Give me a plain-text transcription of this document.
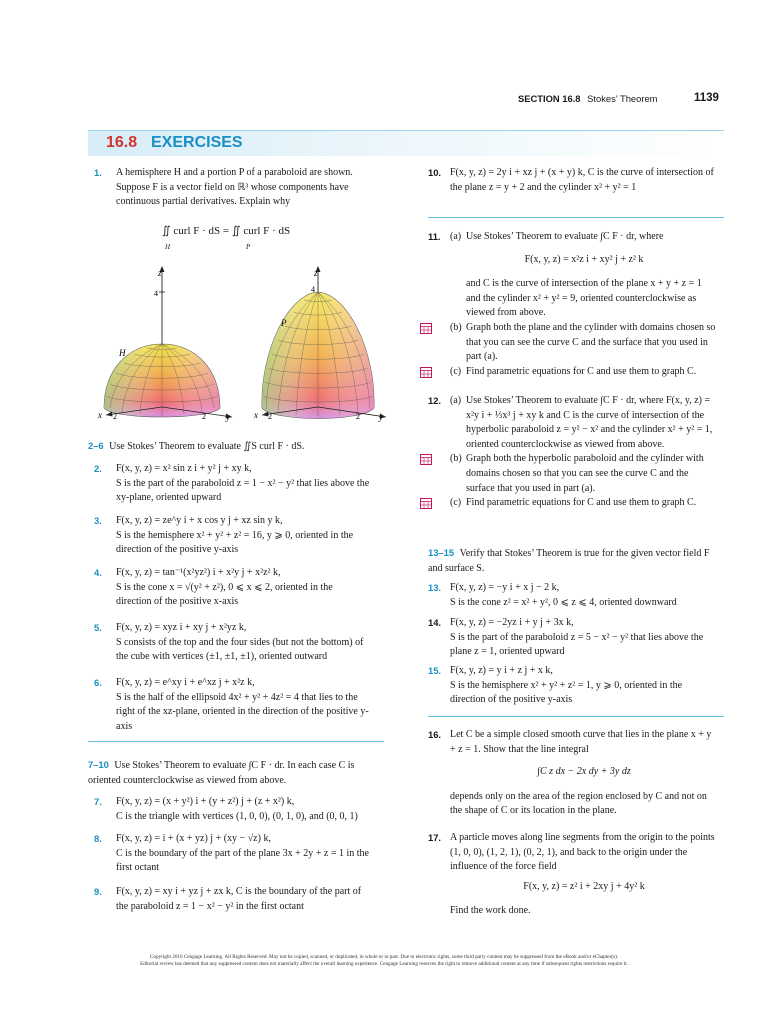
SECTION 16.8 Stokes’ Theorem	1139
16.8 EXERCISES
1.	A hemisphere H and a portion P of a paraboloid are shown. Suppose F is a vector field on ℝ³ whose components have continuous partial derivatives. Explain why
∬ curl F · dS = ∬ curl F · dS
H	P
z
4
H
x 2	2 y
z
4
P
x 2	2 y
2–6 Use Stokes’ Theorem to evaluate ∬S curl F · dS.
2.	F(x, y, z) = x² sin z i + y² j + xy k,
S is the part of the paraboloid z = 1 − x² − y² that lies above the xy-plane, oriented upward
3.	F(x, y, z) = ze^y i + x cos y j + xz sin y k,
S is the hemisphere x² + y² + z² = 16, y ⩾ 0, oriented in the direction of the positive y-axis
4.	F(x, y, z) = tan⁻¹(x²yz²) i + x²y j + x²z² k,
S is the cone x = √(y² + z²), 0 ⩽ x ⩽ 2, oriented in the direction of the positive x-axis
5.	F(x, y, z) = xyz i + xy j + x²yz k,
S consists of the top and the four sides (but not the bottom) of the cube with vertices (±1, ±1, ±1), oriented outward
6.	F(x, y, z) = e^xy i + e^xz j + x²z k,
S is the half of the ellipsoid 4x² + y² + 4z² = 4 that lies to the right of the xz-plane, oriented in the direction of the positive y-axis
7–10 Use Stokes’ Theorem to evaluate ∫C F · dr. In each case C is oriented counterclockwise as viewed from above.
7.	F(x, y, z) = (x + y²) i + (y + z²) j + (z + x²) k,
C is the triangle with vertices (1, 0, 0), (0, 1, 0), and (0, 0, 1)
8.	F(x, y, z) = i + (x + yz) j + (xy − √z) k,
C is the boundary of the part of the plane 3x + 2y + z = 1 in the first octant
9.	F(x, y, z) = xy i + yz j + zx k, C is the boundary of the part of the paraboloid z = 1 − x² − y² in the first octant
10. F(x, y, z) = 2y i + xz j + (x + y) k, C is the curve of intersection of the plane z = y + 2 and the cylinder x² + y² = 1
11. (a) Use Stokes’ Theorem to evaluate ∫C F · dr, where
F(x, y, z) = x²z i + xy² j + z² k
and C is the curve of intersection of the plane x + y + z = 1 and the cylinder x² + y² = 9, oriented counterclockwise as viewed from above.
(b) Graph both the plane and the cylinder with domains chosen so that you can see the curve C and the surface that you used in part (a).
(c) Find parametric equations for C and use them to graph C.
12. (a) Use Stokes’ Theorem to evaluate ∫C F · dr, where F(x, y, z) = x²y i + ⅓x³ j + xy k and C is the curve of intersection of the hyperbolic paraboloid z = y² − x² and the cylinder x² + y² = 1, oriented counterclockwise as viewed from above.
(b) Graph both the hyperbolic paraboloid and the cylinder with domains chosen so that you can see the curve C and the surface that you used in part (a).
(c) Find parametric equations for C and use them to graph C.
13–15 Verify that Stokes’ Theorem is true for the given vector field F and surface S.
13. F(x, y, z) = −y i + x j − 2 k,
S is the cone z² = x² + y², 0 ⩽ z ⩽ 4, oriented downward
14. F(x, y, z) = −2yz i + y j + 3x k,
S is the part of the paraboloid z = 5 − x² − y² that lies above the plane z = 1, oriented upward
15. F(x, y, z) = y i + z j + x k,
S is the hemisphere x² + y² + z² = 1, y ⩾ 0, oriented in the direction of the positive y-axis
16. Let C be a simple closed smooth curve that lies in the plane x + y + z = 1. Show that the line integral
∫C z dx − 2x dy + 3y dz
depends only on the area of the region enclosed by C and not on the shape of C or its location in the plane.
17. A particle moves along line segments from the origin to the points (1, 0, 0), (1, 2, 1), (0, 2, 1), and back to the origin under the influence of the force field
F(x, y, z) = z² i + 2xy j + 4y² k
Find the work done.
Copyright 2016 Cengage Learning. All Rights Reserved. May not be copied, scanned, or duplicated, in whole or in part. Due to electronic rights, some third party content may be suppressed from the eBook and/or eChapter(s).
Editorial review has deemed that any suppressed content does not materially affect the overall learning experience. Cengage Learning reserves the right to remove additional content at any time if subsequent rights restrictions require it.
